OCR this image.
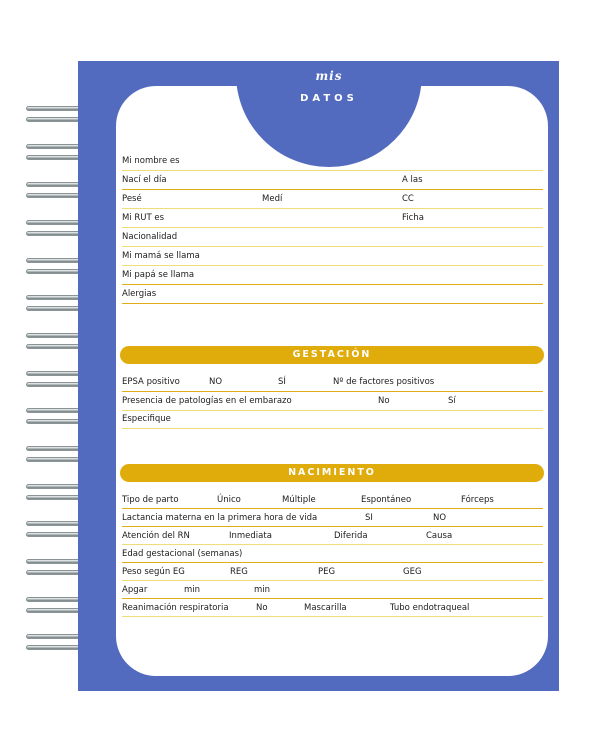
mis
DATOS
Mi nombre es
Nací el día	A las
Pesé	Medí	CC
Mi RUT es	Ficha
Nacionalidad
Mi mamá se llama
Mi papá se llama
Alergias
GESTACIÓN
EPSA positivo	NO	SÍ	Nº de factores positivos
Presencia de patologías en el embarazo	No	Sí
Especifique
NACIMIENTO
Tipo de parto	Único	Múltiple	Espontáneo	Fórceps
Lactancia materna en la primera hora de vida	SI	NO
Atención del RN	Inmediata	Diferida	Causa
Edad gestacional (semanas)
Peso según EG	REG	PEG	GEG
Apgar	min	min
Reanimación respiratoria	No	Mascarilla	Tubo endotraqueal
